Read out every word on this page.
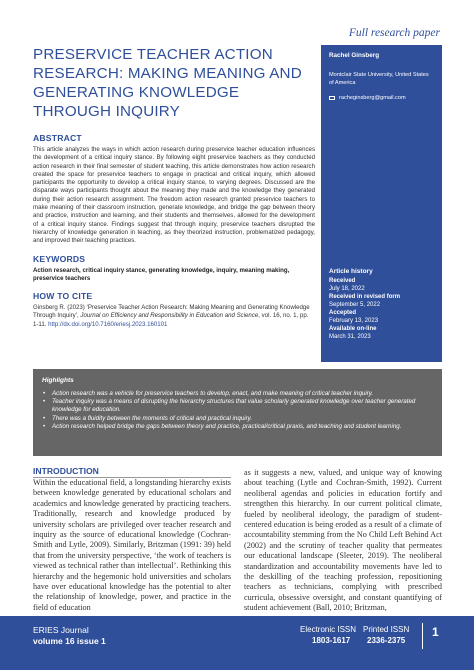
Full research paper
PRESERVICE TEACHER ACTION RESEARCH: MAKING MEANING AND GENERATING KNOWLEDGE THROUGH INQUIRY
ABSTRACT

This article analyzes the ways in which action research during preservice teacher education influences the development of a critical inquiry stance. By following eight preservice teachers as they conducted action research in their final semester of student teaching, this article demonstrates how action research created the space for preservice teachers to engage in practical and critical inquiry, which allowed participants the opportunity to develop a critical inquiry stance, to varying degrees. Discussed are the disparate ways participants thought about the meaning they made and the knowledge they generated during their action research assignment. The freedom action research granted preservice teachers to make meaning of their classroom instruction, generate knowledge, and bridge the gap between theory and practice, instruction and learning, and their students and themselves, allowed for the development of a critical inquiry stance. Findings suggest that through inquiry, preservice teachers disrupted the hierarchy of knowledge generation in teaching, as they theorized instruction, problematized pedagogy, and improved their teaching practices.

KEYWORDS

Action research, critical inquiry stance, generating knowledge, inquiry, meaning making, preservice teachers

HOW TO CITE

Ginsberg R. (2023) ‘Preservice Teacher Action Research: Making Meaning and Generating Knowledge Through Inquiry’, Journal on Efficiency and Responsibility in Education and Science, vol. 16, no. 1, pp. 1-11. http://dx.doi.org/10.7160/eriesj.2023.160101

Rachel Ginsberg
Montclair State University, United States of America
racheginsberg@gmail.com
Article history
Received
July 18, 2022
Received in revised form
September 5, 2022
Accepted
February 13, 2023
Available on-line
March 31, 2023
Highlights
• Action research was a vehicle for preservice teachers to develop, enact, and make meaning of critical teacher inquiry.
• Teacher inquiry was a means of disrupting the hierarchy structures that value scholarly generated knowledge over teacher generated knowledge for education.
• There was a fluidity between the moments of critical and practical inquiry.
• Action research helped bridge the gaps between theory and practice, practical/critical praxis, and teaching and student learning.
INTRODUCTION

Within the educational field, a longstanding hierarchy exists between knowledge generated by educational scholars and academics and knowledge generated by practicing teachers. Traditionally, research and knowledge produced by university scholars are privileged over teacher research and inquiry as the source of educational knowledge (Cochran-Smith and Lytle, 2009). Similarly, Britzman (1991: 39) held that from the university perspective, ‘the work of teachers is viewed as technical rather than intellectual’. Rethinking this hierarchy and the hegemonic hold universities and scholars have over educational knowledge has the potential to alter the relationship of knowledge, power, and practice in the field of education

as it suggests a new, valued, and unique way of knowing about teaching (Lytle and Cochran-Smith, 1992). Current neoliberal agendas and policies in education fortify and strengthen this hierarchy. In our current political climate, fueled by neoliberal ideology, the paradigm of student-centered education is being eroded as a result of a climate of accountability stemming from the No Child Left Behind Act (2002) and the scrutiny of teacher quality that permeates our educational landscape (Sleeter, 2019). The neoliberal standardization and accountability movements have led to the deskilling of the teaching profession, repositioning teachers as technicians, complying with prescribed curricula, obsessive oversight, and constant quantifying of student achievement (Ball, 2010; Britzman,

ERIES Journal
volume 16 issue 1
Electronic ISSN
1803-1617
Printed ISSN
2336-2375
1
